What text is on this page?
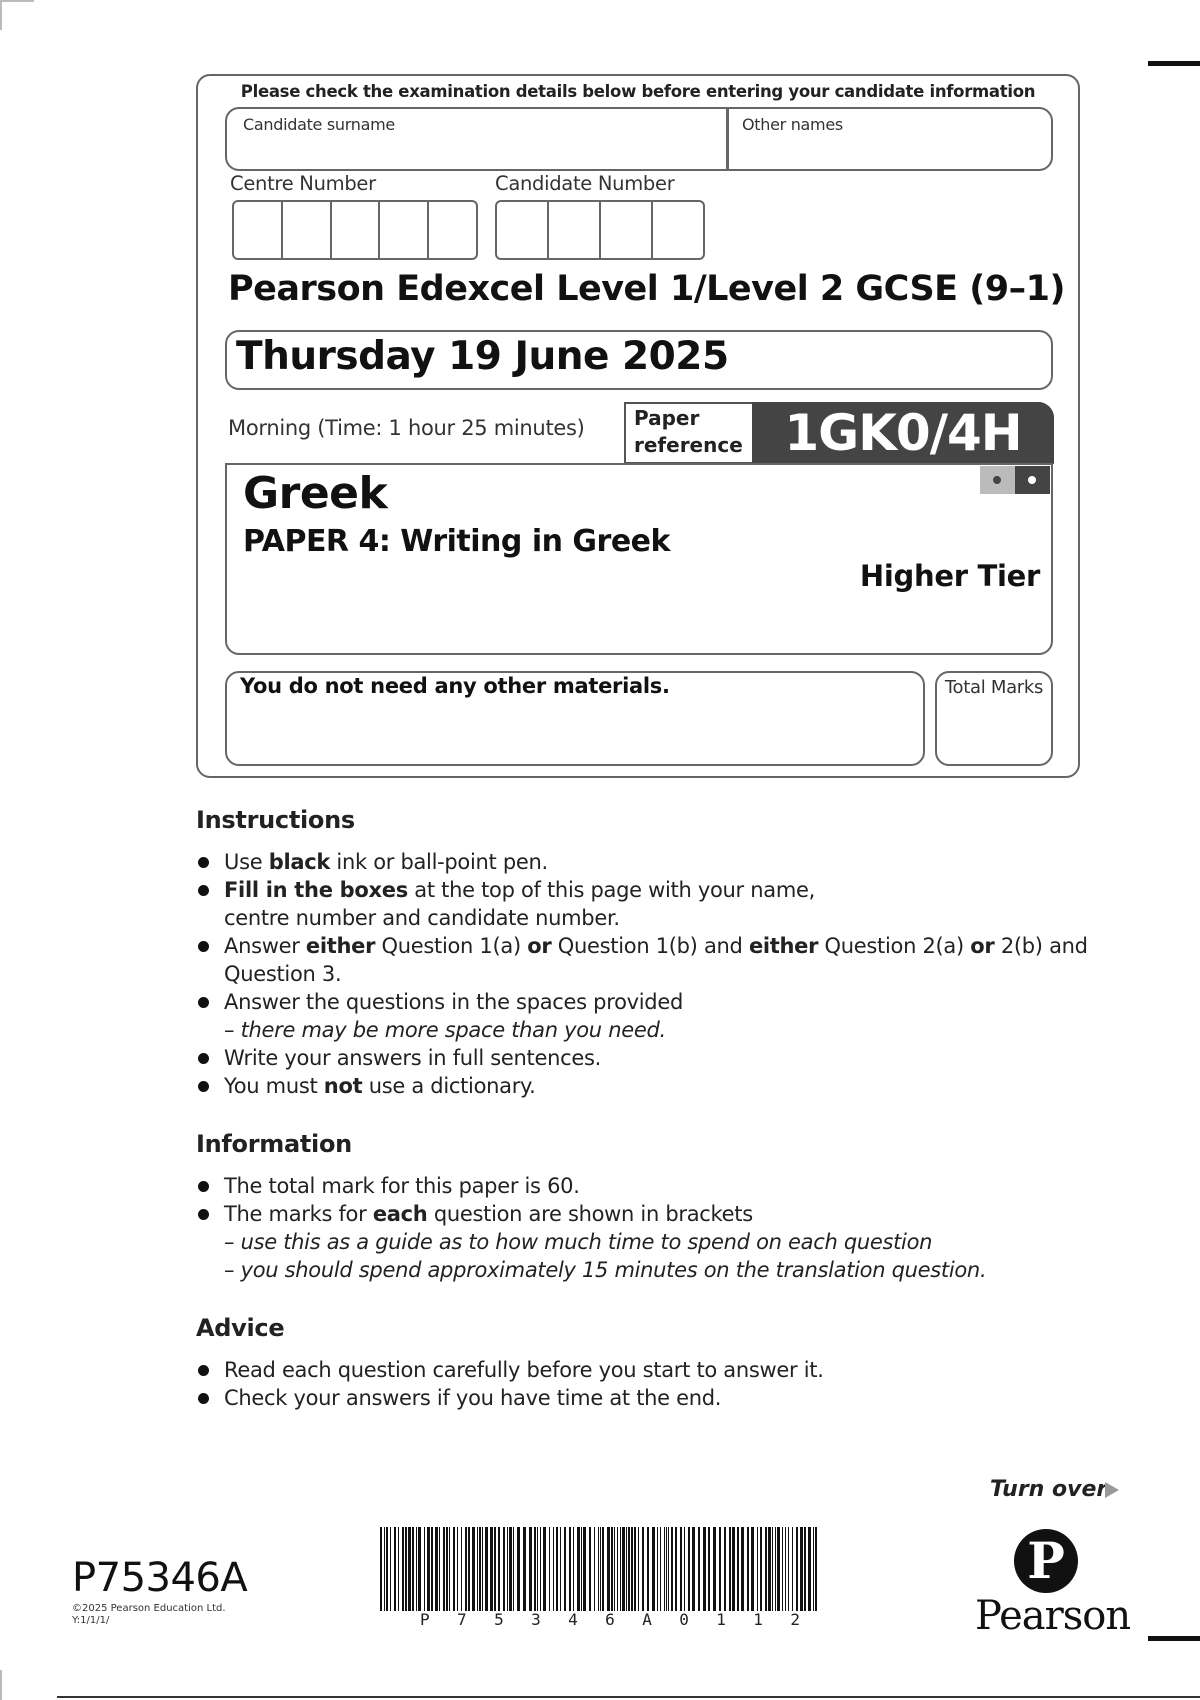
Please check the examination details below before entering your candidate information
Candidate surname	Other names
Centre Number	Candidate Number
Pearson Edexcel Level 1/Level 2 GCSE (9–1)
Thursday 19 June 2025
Morning (Time: 1 hour 25 minutes) Paper
reference 1GK0/4H
Greek
PAPER 4: Writing in Greek
Higher Tier
You do not need any other materials.	Total Marks
Instructions
Use black ink or ball-point pen.
Fill in the boxes at the top of this page with your name,
centre number and candidate number.
Answer either Question 1(a) or Question 1(b) and either Question 2(a) or 2(b) and
Question 3.
Answer the questions in the spaces provided
– there may be more space than you need.
Write your answers in full sentences.
You must not use a dictionary.
Information
The total mark for this paper is 60.
The marks for each question are shown in brackets
– use this as a guide as to how much time to spend on each question
– you should spend approximately 15 minutes on the translation question.
Advice
Read each question carefully before you start to answer it.
Check your answers if you have time at the end.
Turn over
P75346A
©2025 Pearson Education Ltd.
Y:1/1/1/	P 7 5 3 4 6 A 0 1 1 2
P
Pearson
